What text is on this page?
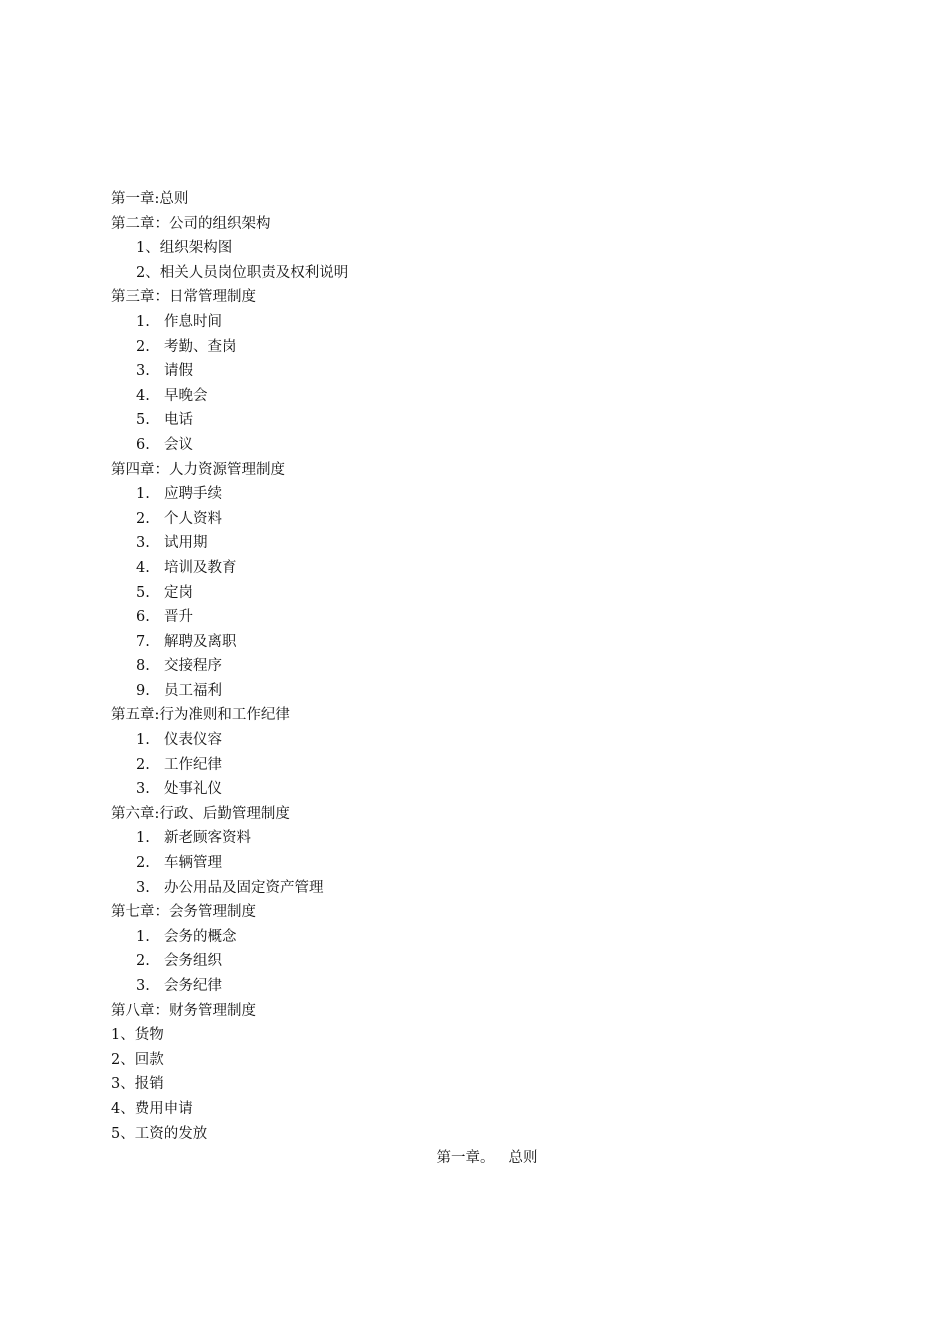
第一章:总则
第二章：公司的组织架构
1、组织架构图
2、相关人员岗位职责及权利说明
第三章：日常管理制度
1. 作息时间
2. 考勤、查岗
3. 请假
4. 早晚会
5. 电话
6. 会议
第四章：人力资源管理制度
1. 应聘手续
2. 个人资料
3. 试用期
4. 培训及教育
5. 定岗
6. 晋升
7. 解聘及离职
8. 交接程序
9. 员工福利
第五章:行为准则和工作纪律
1. 仪表仪容
2. 工作纪律
3. 处事礼仪
第六章:行政、后勤管理制度
1. 新老顾客资料
2. 车辆管理
3. 办公用品及固定资产管理
第七章：会务管理制度
1. 会务的概念
2. 会务组织
3. 会务纪律
第八章：财务管理制度
1、货物
2、回款
3、报销
4、费用申请
5、工资的发放
第一章。 总则
